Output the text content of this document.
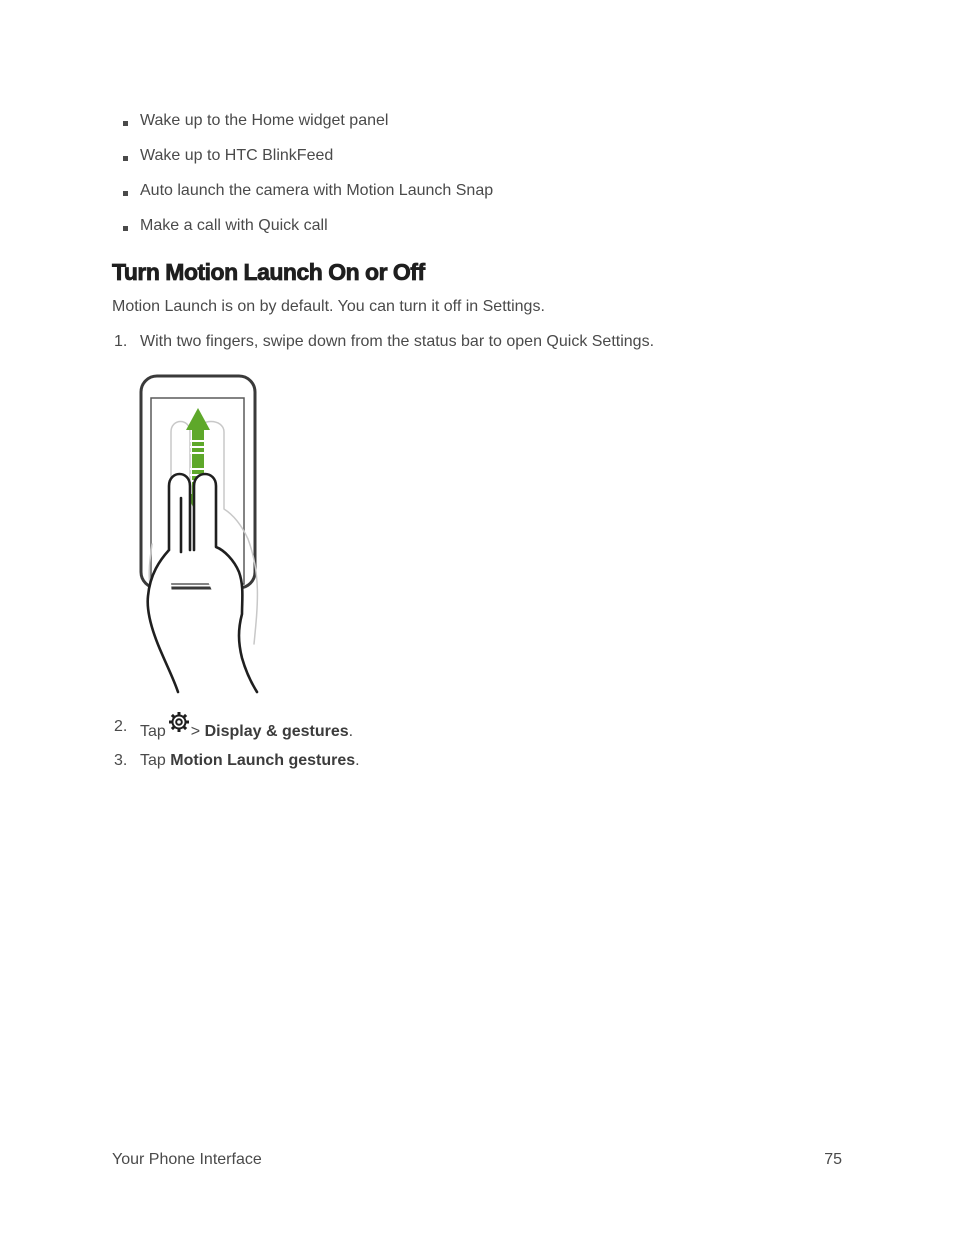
Wake up to the Home widget panel
Wake up to HTC BlinkFeed
Auto launch the camera with Motion Launch Snap
Make a call with Quick call
Turn Motion Launch On or Off
Motion Launch is on by default. You can turn it off in Settings.
1. With two fingers, swipe down from the status bar to open Quick Settings.
2. Tap > Display & gestures.
3. Tap Motion Launch gestures.
Your Phone Interface	75
